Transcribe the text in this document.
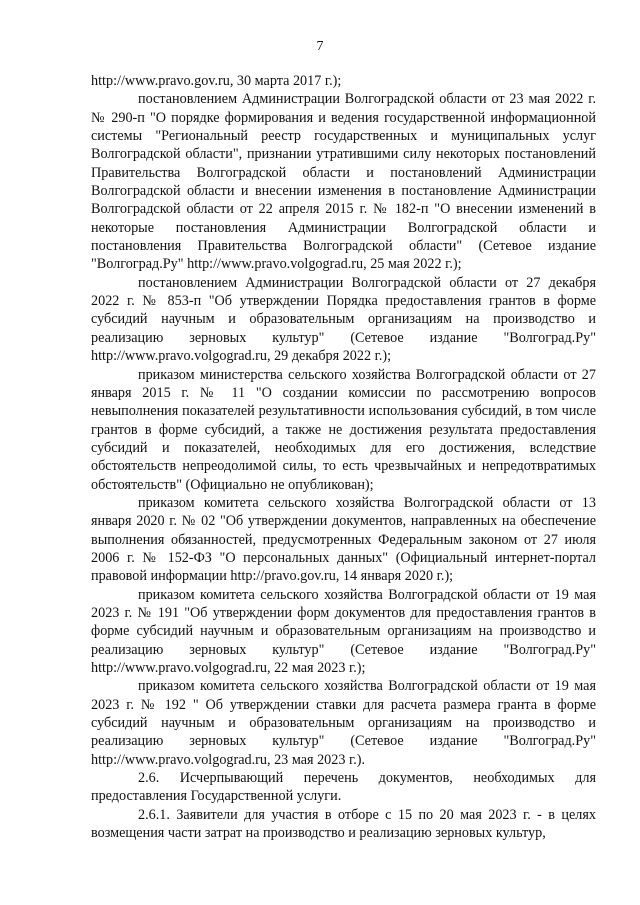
7

http://www.pravo.gov.ru, 30 марта 2017 г.);

постановлением Администрации Волгоградской области от 23 мая 2022 г. № 290-п "О порядке формирования и ведения государственной информационной системы "Региональный реестр государственных и муниципальных услуг Волгоградской области", признании утратившими силу некоторых постановлений Правительства Волгоградской области и постановлений Администрации Волгоградской области и внесении изменения в постановление Администрации Волгоградской области от 22 апреля 2015 г. № 182-п "О внесении изменений в некоторые постановления Администрации Волгоградской области и постановления Правительства Волгоградской области" (Сетевое издание "Волгоград.Ру" http://www.pravo.volgograd.ru, 25 мая 2022 г.);

постановлением Администрации Волгоградской области от 27 декабря 2022 г. № 853-п "Об утверждении Порядка предоставления грантов в форме субсидий научным и образовательным организациям на производство и реализацию зерновых культур" (Сетевое издание "Волгоград.Ру" http://www.pravo.volgograd.ru, 29 декабря 2022 г.);

приказом министерства сельского хозяйства Волгоградской области от 27 января 2015 г. № 11 "О создании комиссии по рассмотрению вопросов невыполнения показателей результативности использования субсидий, в том числе грантов в форме субсидий, а также не достижения результата предоставления субсидий и показателей, необходимых для его достижения, вследствие обстоятельств непреодолимой силы, то есть чрезвычайных и непредотвратимых обстоятельств" (Официально не опубликован);

приказом комитета сельского хозяйства Волгоградской области от 13 января 2020 г. № 02 "Об утверждении документов, направленных на обеспечение выполнения обязанностей, предусмотренных Федеральным законом от 27 июля 2006 г. № 152-ФЗ "О персональных данных" (Официальный интернет-портал правовой информации http://pravo.gov.ru, 14 января 2020 г.);

приказом комитета сельского хозяйства Волгоградской области от 19 мая 2023 г. № 191 "Об утверждении форм документов для предоставления грантов в форме субсидий научным и образовательным организациям на производство и реализацию зерновых культур" (Сетевое издание "Волгоград.Ру" http://www.pravo.volgograd.ru, 22 мая 2023 г.);

приказом комитета сельского хозяйства Волгоградской области от 19 мая 2023 г. № 192 " Об утверждении ставки для расчета размера гранта в форме субсидий научным и образовательным организациям на производство и реализацию зерновых культур" (Сетевое издание "Волгоград.Ру" http://www.pravo.volgograd.ru, 23 мая 2023 г.).

2.6. Исчерпывающий перечень документов, необходимых для предоставления Государственной услуги.

2.6.1. Заявители для участия в отборе с 15 по 20 мая 2023 г. - в целях возмещения части затрат на производство и реализацию зерновых культур,
